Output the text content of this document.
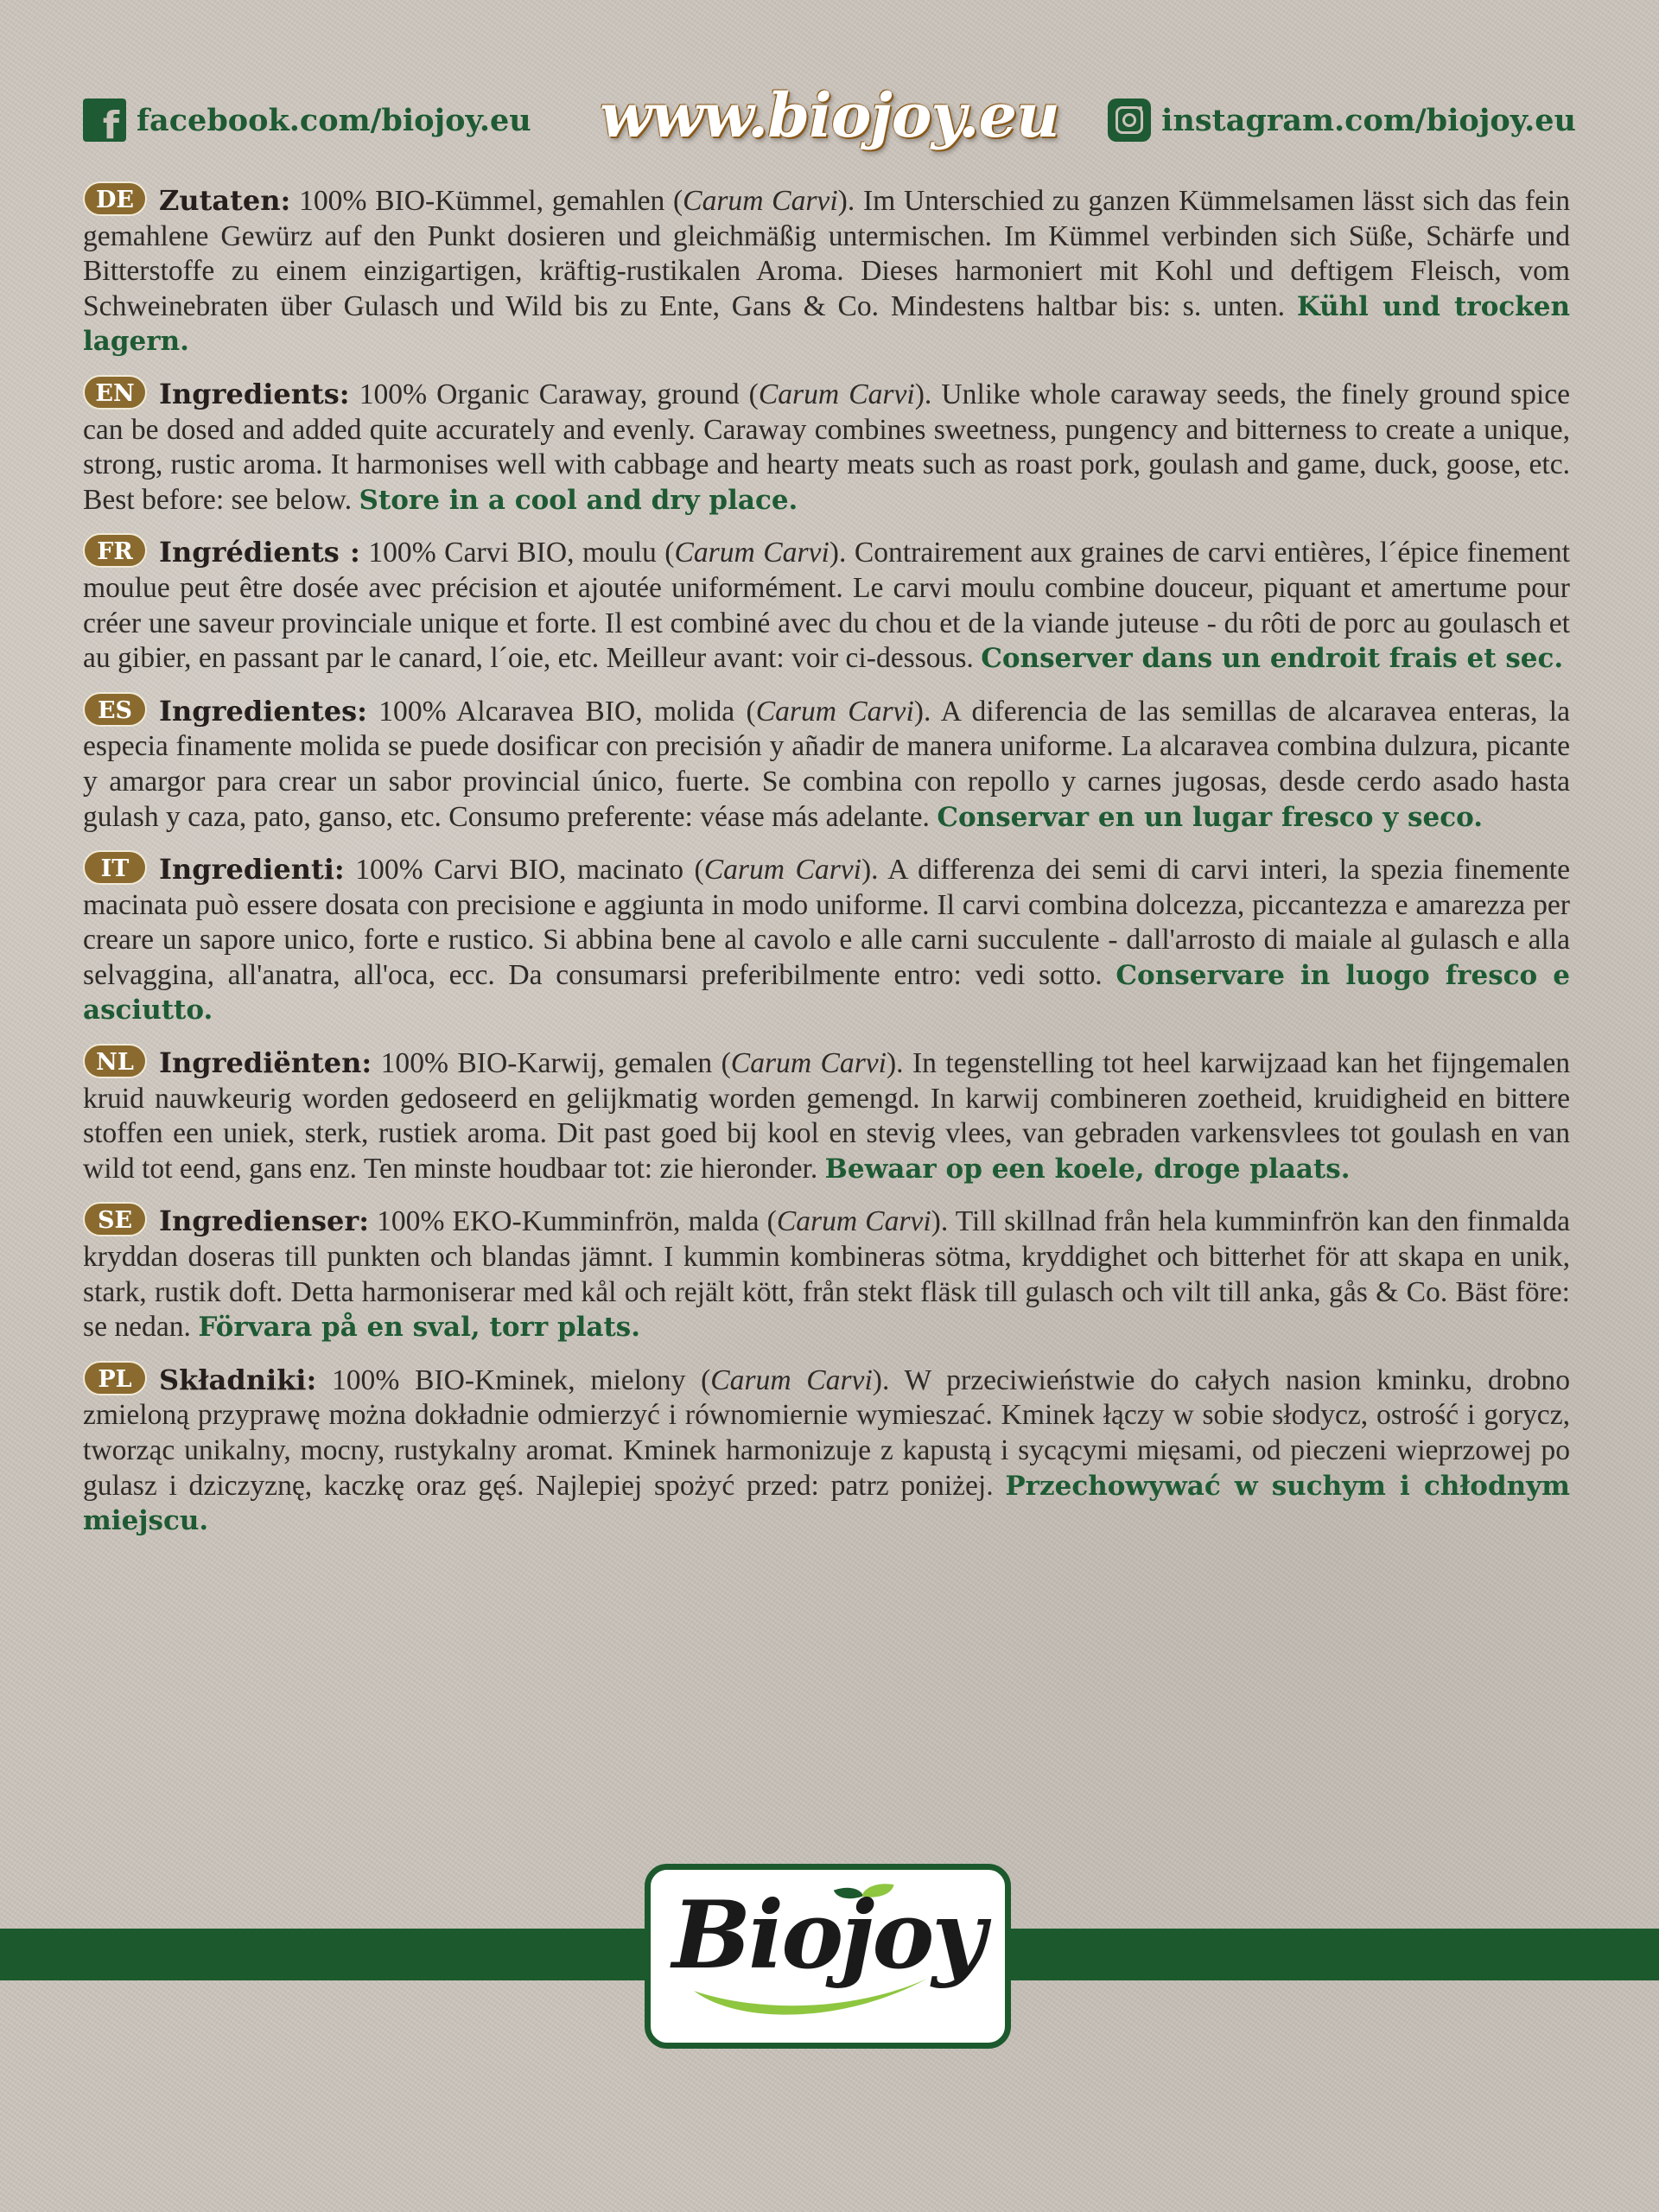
f facebook.com/biojoy.eu	www.biojoy.eu	instagram.com/biojoy.eu

DE Zutaten: 100% BIO-Kümmel, gemahlen (Carum Carvi). Im Unterschied zu ganzen Kümmelsamen lässt sich das fein gemahlene Gewürz auf den Punkt dosieren und gleichmäßig untermischen. Im Kümmel verbinden sich Süße, Schärfe und Bitterstoffe zu einem einzigartigen, kräftig-rustikalen Aroma. Dieses harmoniert mit Kohl und deftigem Fleisch, vom Schweinebraten über Gulasch und Wild bis zu Ente, Gans & Co. Mindestens haltbar bis: s. unten. Kühl und trocken lagern.

EN Ingredients: 100% Organic Caraway, ground (Carum Carvi). Unlike whole caraway seeds, the finely ground spice can be dosed and added quite accurately and evenly. Caraway combines sweetness, pungency and bitterness to create a unique, strong, rustic aroma. It harmonises well with cabbage and hearty meats such as roast pork, goulash and game, duck, goose, etc. Best before: see below. Store in a cool and dry place.

FR Ingrédients : 100% Carvi BIO, moulu (Carum Carvi). Contrairement aux graines de carvi entières, l´épice finement moulue peut être dosée avec précision et ajoutée uniformément. Le carvi moulu combine douceur, piquant et amertume pour créer une saveur provinciale unique et forte. Il est combiné avec du chou et de la viande juteuse - du rôti de porc au goulasch et au gibier, en passant par le canard, l´oie, etc. Meilleur avant: voir ci-dessous. Conserver dans un endroit frais et sec.

ES Ingredientes: 100% Alcaravea BIO, molida (Carum Carvi). A diferencia de las semillas de alcaravea enteras, la especia finamente molida se puede dosificar con precisión y añadir de manera uniforme. La alcaravea combina dulzura, picante y amargor para crear un sabor provincial único, fuerte. Se combina con repollo y carnes jugosas, desde cerdo asado hasta gulash y caza, pato, ganso, etc. Consumo preferente: véase más adelante. Conservar en un lugar fresco y seco.

IT Ingredienti: 100% Carvi BIO, macinato (Carum Carvi). A differenza dei semi di carvi interi, la spezia finemente macinata può essere dosata con precisione e aggiunta in modo uniforme. Il carvi combina dolcezza, piccantezza e amarezza per creare un sapore unico, forte e rustico. Si abbina bene al cavolo e alle carni succulente - dall'arrosto di maiale al gulasch e alla selvaggina, all'anatra, all'oca, ecc. Da consumarsi preferibilmente entro: vedi sotto. Conservare in luogo fresco e asciutto.

NL Ingrediënten: 100% BIO-Karwij, gemalen (Carum Carvi). In tegenstelling tot heel karwijzaad kan het fijngemalen kruid nauwkeurig worden gedoseerd en gelijkmatig worden gemengd. In karwij combineren zoetheid, kruidigheid en bittere stoffen een uniek, sterk, rustiek aroma. Dit past goed bij kool en stevig vlees, van gebraden varkensvlees tot goulash en van wild tot eend, gans enz. Ten minste houdbaar tot: zie hieronder. Bewaar op een koele, droge plaats.

SE Ingredienser: 100% EKO-Kumminfrön, malda (Carum Carvi). Till skillnad från hela kumminfrön kan den finmalda kryddan doseras till punkten och blandas jämnt. I kummin kombineras sötma, kryddighet och bitterhet för att skapa en unik, stark, rustik doft. Detta harmoniserar med kål och rejält kött, från stekt fläsk till gulasch och vilt till anka, gås & Co. Bäst före: se nedan. Förvara på en sval, torr plats.

PL Składniki: 100% BIO-Kminek, mielony (Carum Carvi). W przeciwieństwie do całych nasion kminku, drobno zmieloną przyprawę można dokładnie odmierzyć i równomiernie wymieszać. Kminek łączy w sobie słodycz, ostrość i gorycz, tworząc unikalny, mocny, rustykalny aromat. Kminek harmonizuje z kapustą i sycącymi mięsami, od pieczeni wieprzowej po gulasz i dziczyznę, kaczkę oraz gęś. Najlepiej spożyć przed: patrz poniżej. Przechowywać w suchym i chłodnym miejscu.

Biojoy
